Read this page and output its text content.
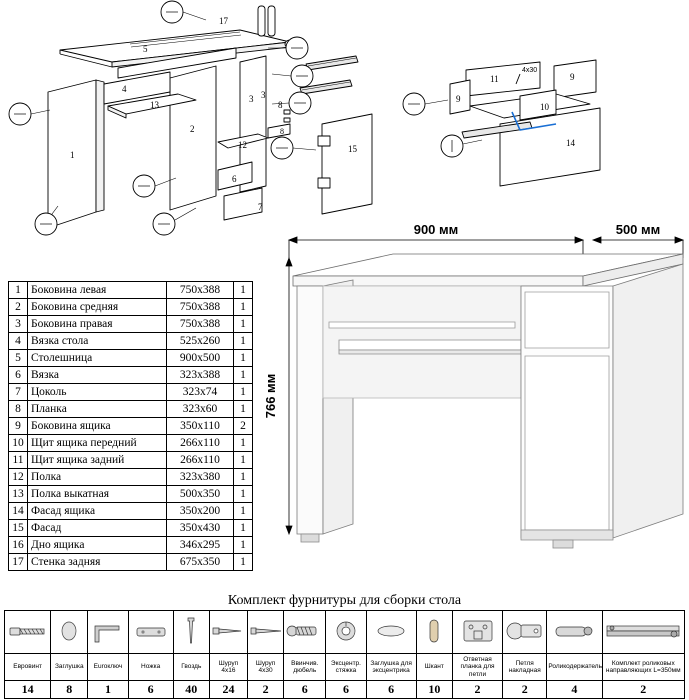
1
2
3
4
13
6
7
8
12	15
11	9
9
10
14
4x30
17
5
3
8

1	Боковина левая	750x388	1
2	Боковина средняя	750x388	1
3	Боковина правая	750x388	1
4	Вязка стола	525x260	1
5	Столешница	900x500	1
6	Вязка	323x388	1
7	Цоколь	323x74	1
8	Планка	323x60	1
9	Боковина ящика	350x110	2
10	Щит ящика передний	266x110	1
11	Щит ящика задний	266x110	1
12	Полка	323x380	1
13	Полка выкатная	500x350	1
14	Фасад ящика	350x200	1
15	Фасад	350x430	1
16	Дно ящика	346x295	1
17	Стенка задняя	675x350	1
900 мм	500 мм
766 мм
Комплект фурнитуры для сборки стола

Евровинт	Заглушка	Euroключ	Ножка	Гвоздь	Шуруп 4x16	Шуруп 4x30	Ввинчив. дюбель	Эксцентр. стяжка	Заглушка для эксцентрика	Шкант	Ответная планка для петли	Петля накладная	Роликодержатель	Комплект роликовых направляющих L=350мм
14	8	1	6	40	24	2	6	6	6	10	2	2	4	2
